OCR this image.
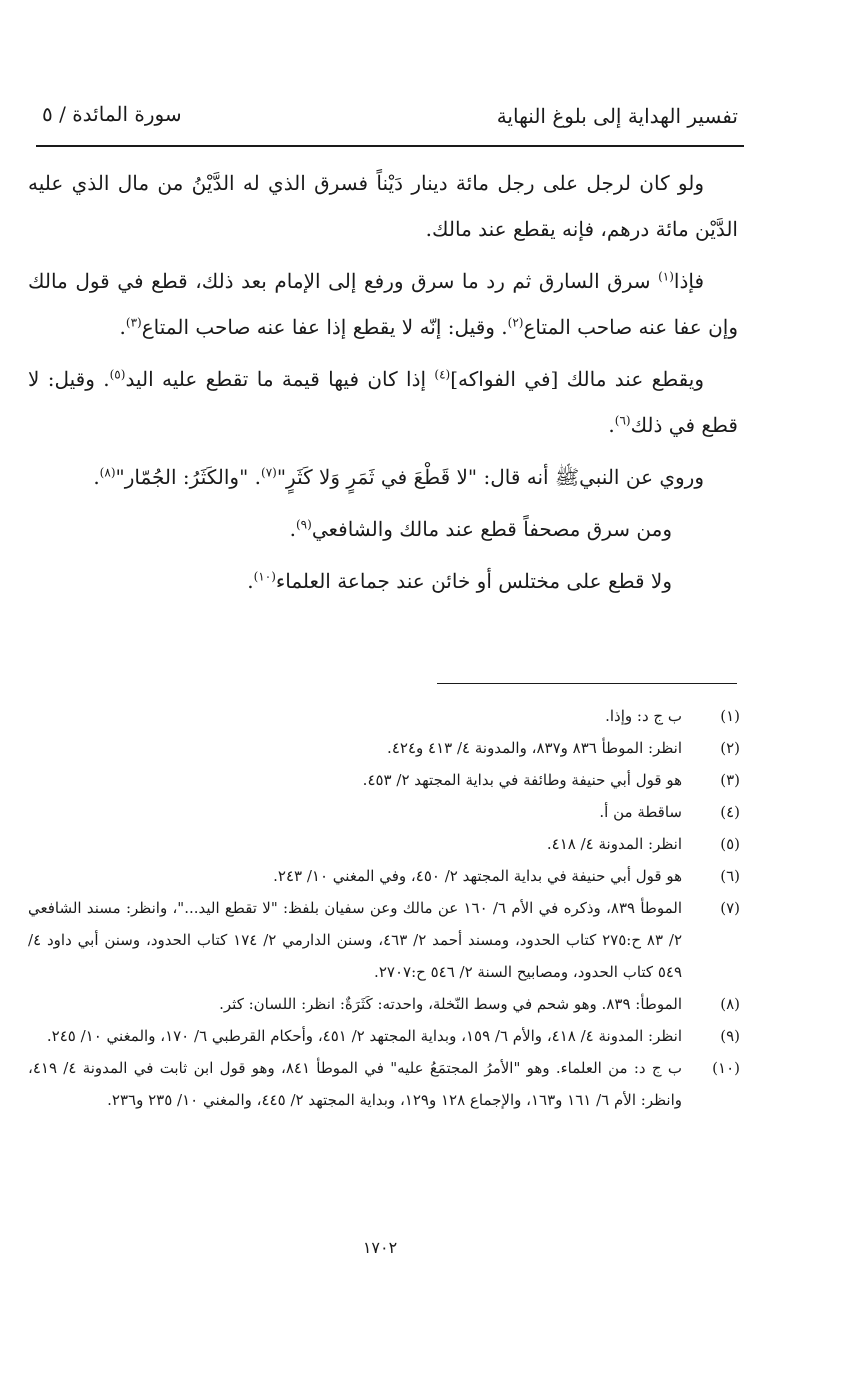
تفسير الهداية إلى بلوغ النهاية
سورة المائدة / ٥

ولو كان لرجل على رجل مائة دينار دَيْناً فسرق الذي له الدَّيْنُ من مال الذي عليه الدَّيْن مائة درهم، فإنه يقطع عند مالك.

فإذا$^{(١)}$ سرق السارق ثم رد ما سرق ورفع إلى الإمام بعد ذلك، قطع في قول مالك وإن عفا عنه صاحب المتاع$^{(٢)}$. وقيل: إنّه لا يقطع إذا عفا عنه صاحب المتاع$^{(٣)}$.

ويقطع عند مالك [في الفواكه]$^{(٤)}$ إذا كان فيها قيمة ما تقطع عليه اليد$^{(٥)}$. وقيل: لا قطع في ذلك$^{(٦)}$.

وروي عن النبيﷺ أنه قال: "لا قَطْعَ في ثَمَرٍ وَلا كَثَرٍ"$^{(٧)}$. "والكَثَرُ: الجُمّار"$^{(٨)}$.

ومن سرق مصحفاً قطع عند مالك والشافعي$^{(٩)}$.

ولا قطع على مختلس أو خائن عند جماعة العلماء$^{(١٠)}$.

(١)
ب ج د: وإذا.
(٢)
انظر: الموطأ ٨٣٦ و٨٣٧، والمدونة ٤/ ٤١٣ و٤٢٤.
(٣)
هو قول أبي حنيفة وطائفة في بداية المجتهد ٢/ ٤٥٣.
(٤)
ساقطة من أ.
(٥)
انظر: المدونة ٤/ ٤١٨.
(٦)
هو قول أبي حنيفة في بداية المجتهد ٢/ ٤٥٠، وفي المغني ١٠/ ٢٤٣.
(٧)
الموطأ ٨٣٩، وذكره في الأم ٦/ ١٦٠ عن مالك وعن سفيان بلفظ: "لا تقطع اليد..."، وانظر: مسند الشافعي ٢/ ٨٣ ح:٢٧٥ كتاب الحدود، ومسند أحمد ٢/ ٤٦٣، وسنن الدارمي ٢/ ١٧٤ كتاب الحدود، وسنن أبي داود ٤/ ٥٤٩ كتاب الحدود، ومصابيح السنة ٢/ ٥٤٦ ح:٢٧٠٧.
(٨)
الموطأ: ٨٣٩. وهو شحم في وسط النّخلة، واحدته: كَثَرَةٌ: انظر: اللسان: كثر.
(٩)
انظر: المدونة ٤/ ٤١٨، والأم ٦/ ١٥٩، وبداية المجتهد ٢/ ٤٥١، وأحكام القرطبي ٦/ ١٧٠، والمغني ١٠/ ٢٤٥.
(١٠)
ب ج د: من العلماء. وهو "الأمرُ المجتمَعُ عليه" في الموطأ ٨٤١، وهو قول ابن ثابت في المدونة ٤/ ٤١٩، وانظر: الأم ٦/ ١٦١ و١٦٣، والإجماع ١٢٨ و١٢٩، وبداية المجتهد ٢/ ٤٤٥، والمغني ١٠/ ٢٣٥ و٢٣٦.
١٧٠٢
